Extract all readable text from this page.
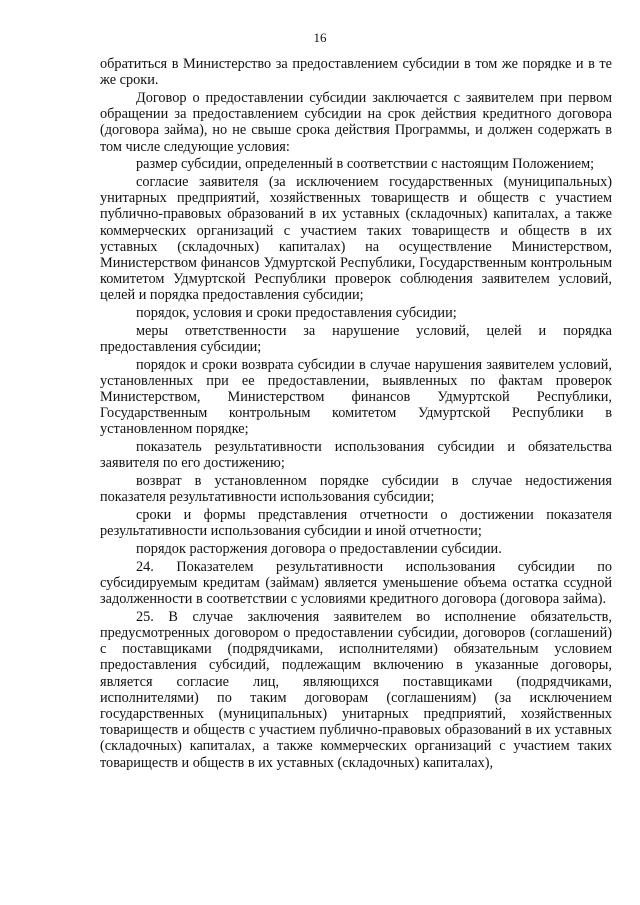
16

обратиться в Министерство за предоставлением субсидии в том же порядке и в те же сроки.

Договор о предоставлении субсидии заключается с заявителем при первом обращении за предоставлением субсидии на срок действия кредитного договора (договора займа), но не свыше срока действия Программы, и должен содержать в том числе следующие условия:

размер субсидии, определенный в соответствии с настоящим Положением;

согласие заявителя (за исключением государственных (муниципальных) унитарных предприятий, хозяйственных товариществ и обществ с участием публично-правовых образований в их уставных (складочных) капиталах, а также коммерческих организаций с участием таких товариществ и обществ в их уставных (складочных) капиталах) на осуществление Министерством, Министерством финансов Удмуртской Республики, Государственным контрольным комитетом Удмуртской Республики проверок соблюдения заявителем условий, целей и порядка предоставления субсидии;

порядок, условия и сроки предоставления субсидии;

меры ответственности за нарушение условий, целей и порядка предоставления субсидии;

порядок и сроки возврата субсидии в случае нарушения заявителем условий, установленных при ее предоставлении, выявленных по фактам проверок Министерством, Министерством финансов Удмуртской Республики, Государственным контрольным комитетом Удмуртской Республики в установленном порядке;

показатель результативности использования субсидии и обязательства заявителя по его достижению;

возврат в установленном порядке субсидии в случае недостижения показателя результативности использования субсидии;

сроки и формы представления отчетности о достижении показателя результативности использования субсидии и иной отчетности;

порядок расторжения договора о предоставлении субсидии.

24. Показателем результативности использования субсидии по субсидируемым кредитам (займам) является уменьшение объема остатка ссудной задолженности в соответствии с условиями кредитного договора (договора займа).

25. В случае заключения заявителем во исполнение обязательств, предусмотренных договором о предоставлении субсидии, договоров (соглашений) с поставщиками (подрядчиками, исполнителями) обязательным условием предоставления субсидий, подлежащим включению в указанные договоры, является согласие лиц, являющихся поставщиками (подрядчиками, исполнителями) по таким договорам (соглашениям) (за исключением государственных (муниципальных) унитарных предприятий, хозяйственных товариществ и обществ с участием публично-правовых образований в их уставных (складочных) капиталах, а также коммерческих организаций с участием таких товариществ и обществ в их уставных (складочных) капиталах),
